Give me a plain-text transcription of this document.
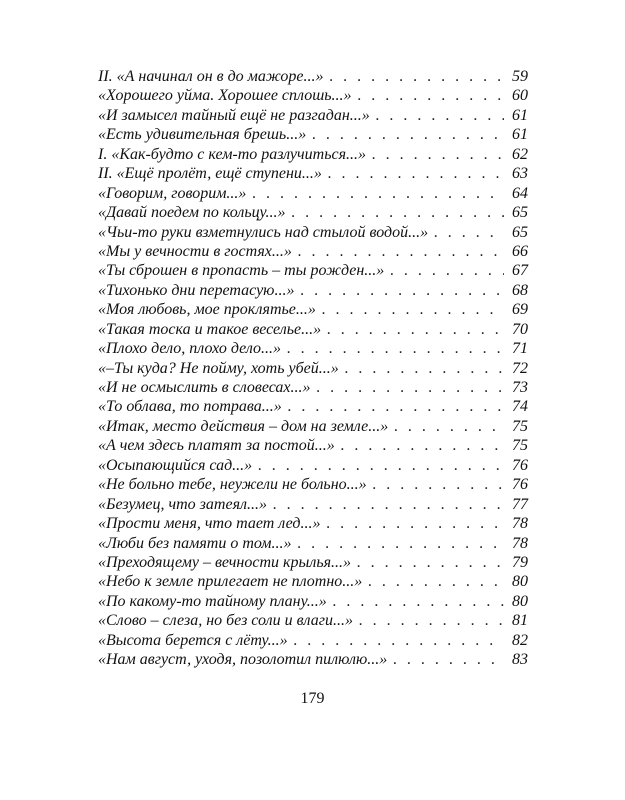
II. «А начинал он в до мажоре...» . . .	59
«Хорошего уйма. Хорошее сплошь...» . . .	60
«И замысел тайный ещё не разгадан...» . . .	61
«Есть удивительная брешь...» . . .	61
I. «Как-будто с кем-то разлучиться...» . . .	62
II. «Ещё пролёт, ещё ступени...» . . .	63
«Говорим, говорим...» . . .	64
«Давай поедем по кольцу...» . . .	65
«Чьи-то руки взметнулись над стылой водой...» . . .	65
«Мы у вечности в гостях...» . . .	66
«Ты сброшен в пропасть – ты рожден...» . . .	67
«Тихонько дни перетасую...» . . .	68
«Моя любовь, мое проклятье...» . . .	69
«Такая тоска и такое веселье...» . . .	70
«Плохо дело, плохо дело...» . . .	71
«–Ты куда? Не пойму, хоть убей...» . . .	72
«И не осмыслить в словесах...» . . .	73
«То облава, то потрава...» . . .	74
«Итак, место действия – дом на земле...» . . .	75
«А чем здесь платят за постой...» . . .	75
«Осыпающийся сад...» . . .	76
«Не больно тебе, неужели не больно...» . . .	76
«Безумец, что затеял...» . . .	77
«Прости меня, что тает лед...» . . .	78
«Люби без памяти о том...» . . .	78
«Преходящему – вечности крылья...» . . .	79
«Небо к земле прилегает не плотно...» . . .	80
«По какому-то тайному плану...» . . .	80
«Слово – слеза, но без соли и влаги...» . . .	81
«Высота берется с лёту...» . . .	82
«Нам август, уходя, позолотил пилюлю...» . . .	83
179
